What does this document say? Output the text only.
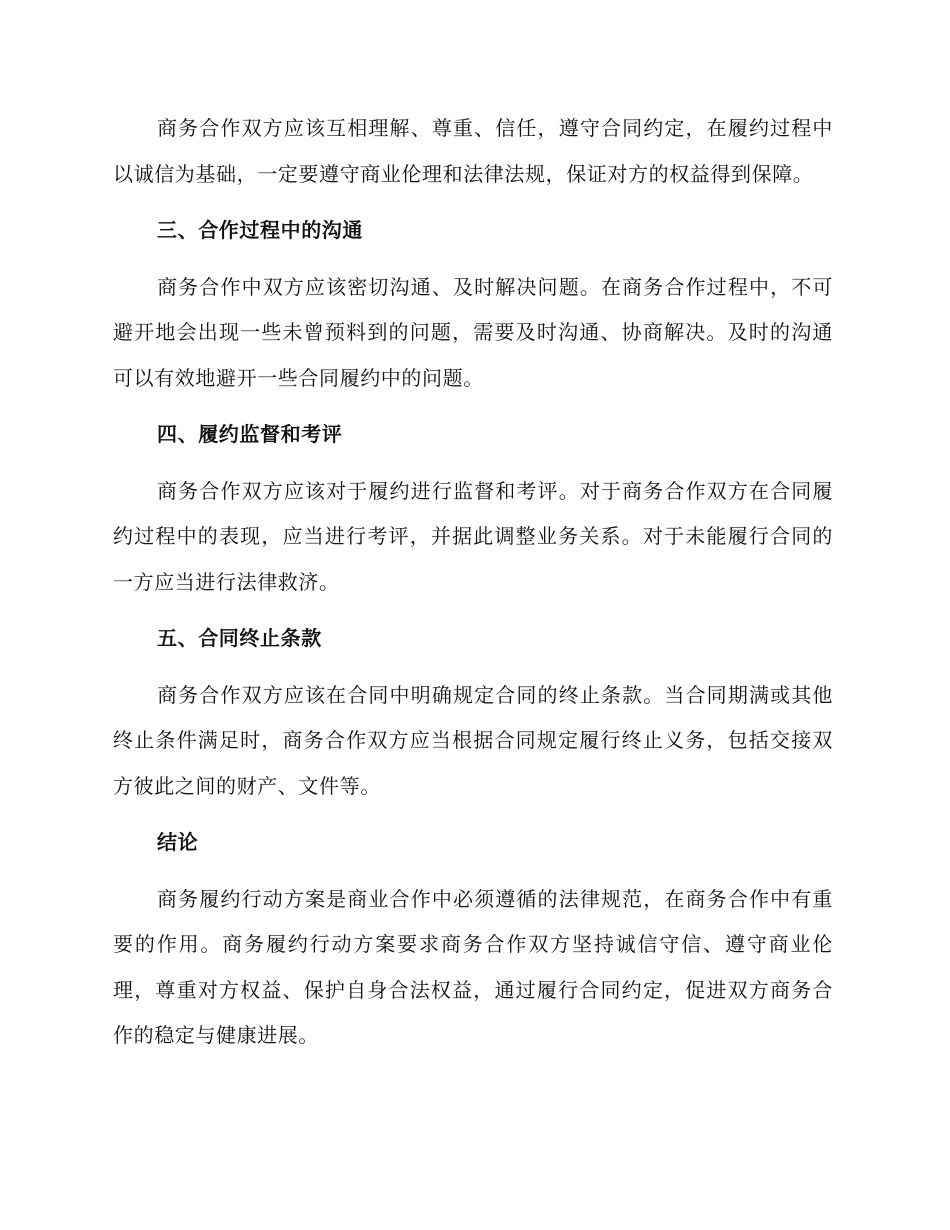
商务合作双方应该互相理解、尊重、信任，遵守合同约定，在履约过程中以诚信为基础，一定要遵守商业伦理和法律法规，保证对方的权益得到保障。

三、合作过程中的沟通

商务合作中双方应该密切沟通、及时解决问题。在商务合作过程中，不可避开地会出现一些未曾预料到的问题，需要及时沟通、协商解决。及时的沟通可以有效地避开一些合同履约中的问题。

四、履约监督和考评

商务合作双方应该对于履约进行监督和考评。对于商务合作双方在合同履约过程中的表现，应当进行考评，并据此调整业务关系。对于未能履行合同的一方应当进行法律救济。

五、合同终止条款

商务合作双方应该在合同中明确规定合同的终止条款。当合同期满或其他终止条件满足时，商务合作双方应当根据合同规定履行终止义务，包括交接双方彼此之间的财产、文件等。

结论

商务履约行动方案是商业合作中必须遵循的法律规范，在商务合作中有重要的作用。商务履约行动方案要求商务合作双方坚持诚信守信、遵守商业伦理，尊重对方权益、保护自身合法权益，通过履行合同约定，促进双方商务合作的稳定与健康进展。
